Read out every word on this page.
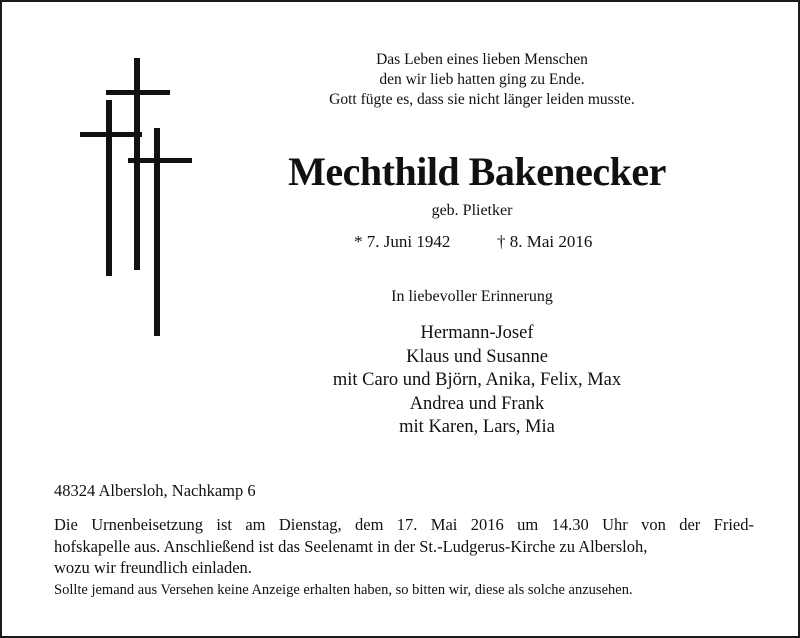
Das Leben eines lieben Menschen
den wir lieb hatten ging zu Ende.
Gott fügte es, dass sie nicht länger leiden musste.
Mechthild Bakenecker
geb. Plietker
* 7. Juni 1942	† 8. Mai 2016
In liebevoller Erinnerung
Hermann-Josef
Klaus und Susanne
mit Caro und Björn, Anika, Felix, Max
Andrea und Frank
mit Karen, Lars, Mia
48324 Albersloh, Nachkamp 6
Die Urnenbeisetzung ist am Dienstag, dem 17. Mai 2016 um 14.30 Uhr von der Fried-
hofskapelle aus. Anschließend ist das Seelenamt in der St.-Ludgerus-Kirche zu Albersloh,
wozu wir freundlich einladen.
Sollte jemand aus Versehen keine Anzeige erhalten haben, so bitten wir, diese als solche anzusehen.
